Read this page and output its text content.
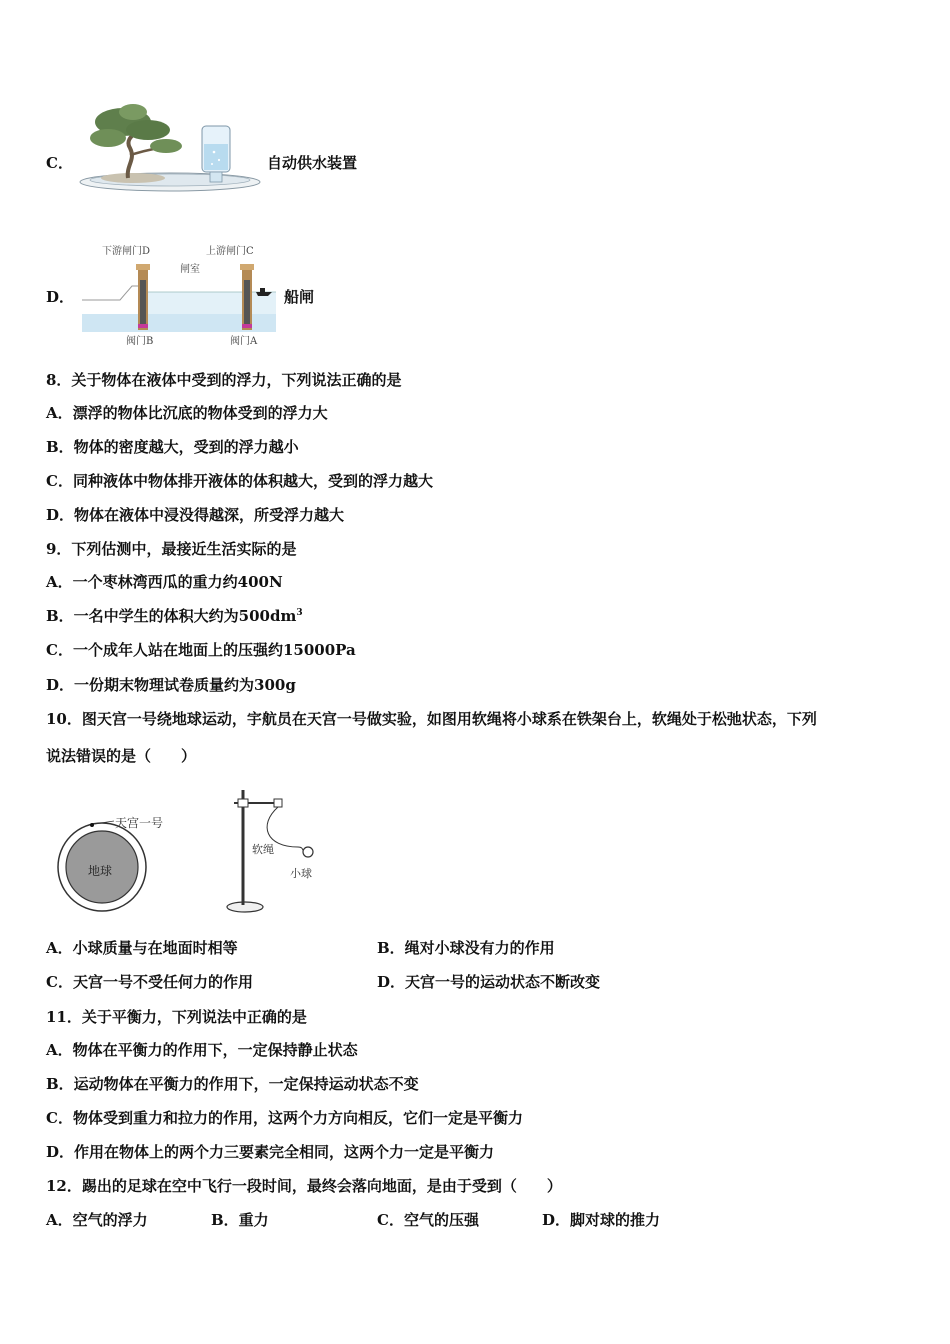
C．	自动供水装置
D．
下游闸门D	上游闸门C
闸室
阀门B	阀门A
船闸
8．关于物体在液体中受到的浮力，下列说法正确的是
A．漂浮的物体比沉底的物体受到的浮力大
B．物体的密度越大，受到的浮力越小
C．同种液体中物体排开液体的体积越大，受到的浮力越大
D．物体在液体中浸没得越深，所受浮力越大
9．下列估测中，最接近生活实际的是
A．一个枣林湾西瓜的重力约400N
B．一名中学生的体积大约为$500dm^3$
C．一个成年人站在地面上的压强约15000Pa
D．一份期末物理试卷质量约为300g
10．图天宫一号绕地球运动，宇航员在天宫一号做实验，如图用软绳将小球系在铁架台上，软绳处于松弛状态，下列
说法错误的是（　　）
天宫一号
地球
软绳
小球
A．小球质量与在地面时相等	B．绳对小球没有力的作用
C．天宫一号不受任何力的作用	D．天宫一号的运动状态不断改变
11．关于平衡力，下列说法中正确的是
A．物体在平衡力的作用下，一定保持静止状态
B．运动物体在平衡力的作用下，一定保持运动状态不变
C．物体受到重力和拉力的作用，这两个力方向相反，它们一定是平衡力
D．作用在物体上的两个力三要素完全相同，这两个力一定是平衡力
12．踢出的足球在空中飞行一段时间，最终会落向地面，是由于受到（　　）
A．空气的浮力	B．重力	C．空气的压强	D．脚对球的推力
